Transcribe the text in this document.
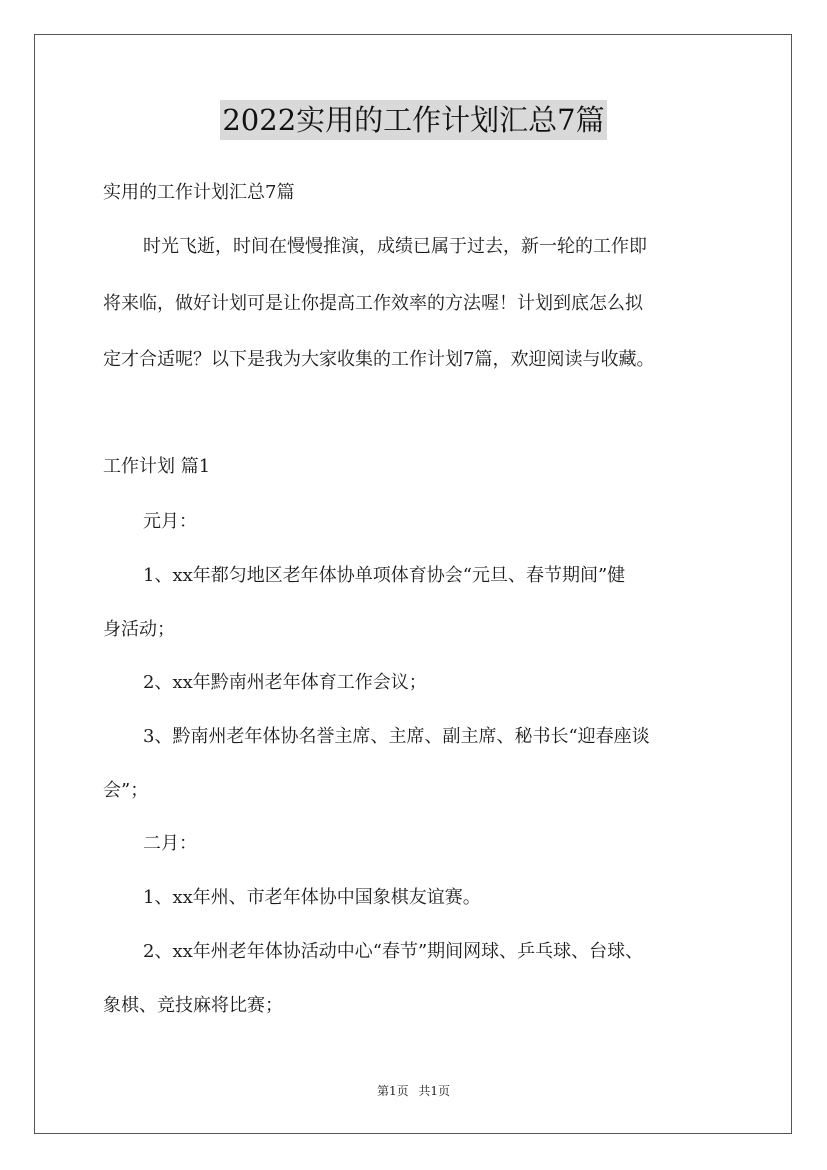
2022实用的工作计划汇总7篇
实用的工作计划汇总7篇
时光飞逝，时间在慢慢推演，成绩已属于过去，新一轮的工作即
将来临，做好计划可是让你提高工作效率的方法喔！计划到底怎么拟
定才合适呢？以下是我为大家收集的工作计划7篇，欢迎阅读与收藏。
工作计划 篇1
元月：
1、xx年都匀地区老年体协单项体育协会“元旦、春节期间”健
身活动；
2、xx年黔南州老年体育工作会议；
3、黔南州老年体协名誉主席、主席、副主席、秘书长“迎春座谈
会”；
二月：
1、xx年州、市老年体协中国象棋友谊赛。
2、xx年州老年体协活动中心“春节”期间网球、乒乓球、台球、
象棋、竞技麻将比赛；
第1页 共1页
